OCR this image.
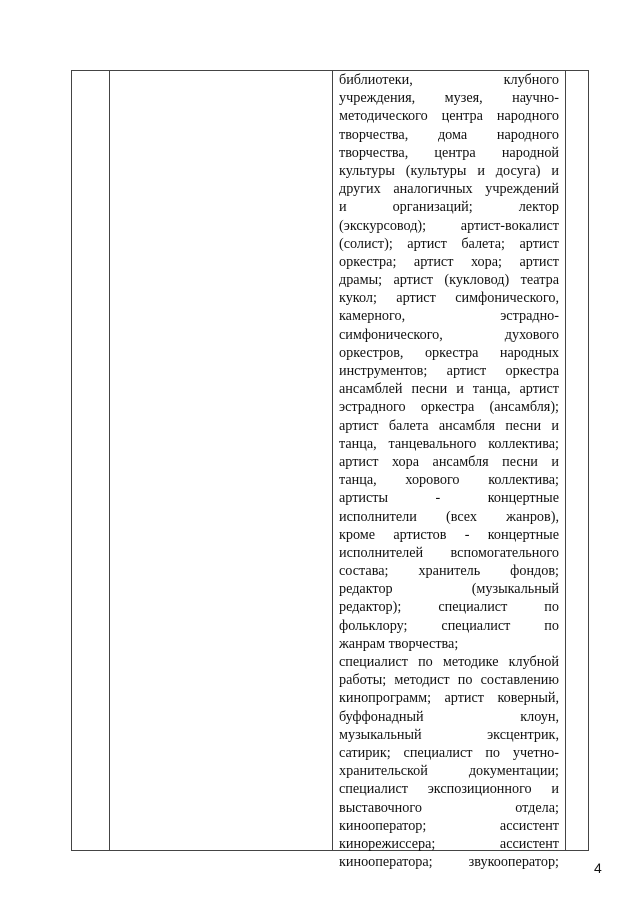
библиотеки, клубного
учреждения, музея, научно-
методического центра народного
творчества, дома народного
творчества, центра народной
культуры (культуры и досуга) и
других аналогичных учреждений
и организаций; лектор
(экскурсовод); артист-вокалист
(солист); артист балета; артист
оркестра; артист хора; артист
драмы; артист (кукловод) театра
кукол; артист симфонического,
камерного, эстрадно-
симфонического, духового
оркестров, оркестра народных
инструментов; артист оркестра
ансамблей песни и танца, артист
эстрадного оркестра (ансамбля);
артист балета ансамбля песни и
танца, танцевального коллектива;
артист хора ансамбля песни и
танца, хорового коллектива;
артисты - концертные
исполнители (всех жанров),
кроме артистов - концертные
исполнителей вспомогательного
состава; хранитель фондов;
редактор (музыкальный
редактор); специалист по
фольклору; специалист по
жанрам творчества;
специалист по методике клубной
работы; методист по составлению
кинопрограмм; артист коверный,
буффонадный клоун,
музыкальный эксцентрик,
сатирик; специалист по учетно-
хранительской документации;
специалист экспозиционного и
выставочного отдела;
кинооператор; ассистент
кинорежиссера; ассистент
кинооператора; звукооператор;	4
